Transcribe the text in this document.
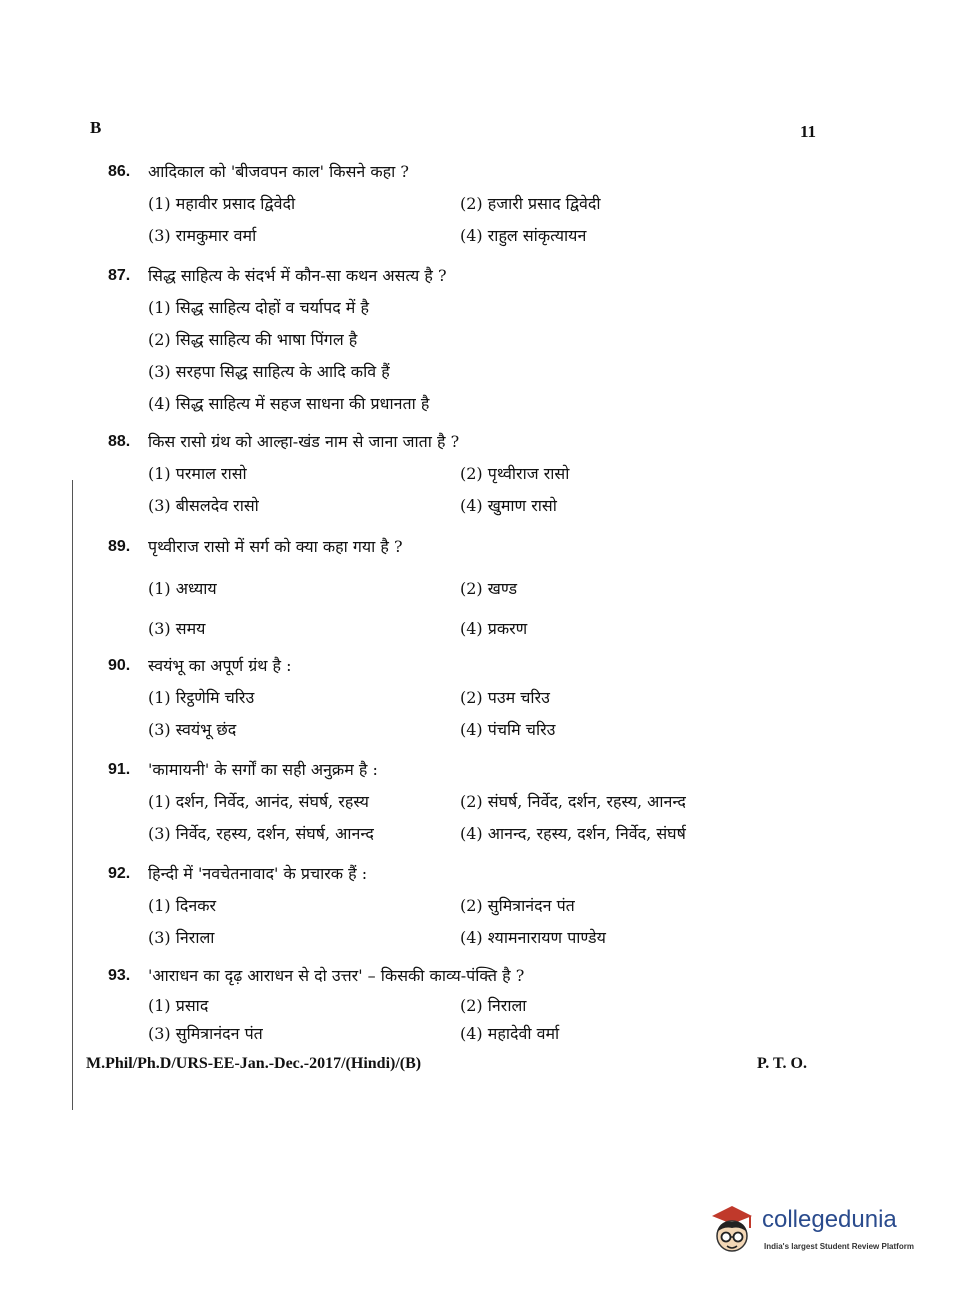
B	11
86.	आदिकाल को 'बीजवपन काल' किसने कहा ?
(1) महावीर प्रसाद द्विवेदी	(2) हजारी प्रसाद द्विवेदी
(3) रामकुमार वर्मा	(4) राहुल सांकृत्यायन
87.	सिद्ध साहित्य के संदर्भ में कौन-सा कथन असत्य है ?
(1) सिद्ध साहित्य दोहों व चर्यापद में है
(2) सिद्ध साहित्य की भाषा पिंगल है
(3) सरहपा सिद्ध साहित्य के आदि कवि हैं
(4) सिद्ध साहित्य में सहज साधना की प्रधानता है
88.	किस रासो ग्रंथ को आल्हा-खंड नाम से जाना जाता है ?
(1) परमाल रासो	(2) पृथ्वीराज रासो
(3) बीसलदेव रासो	(4) खुमाण रासो
89.	पृथ्वीराज रासो में सर्ग को क्या कहा गया है ?
(1) अध्याय	(2) खण्ड
(3) समय	(4) प्रकरण
90.	स्वयंभू का अपूर्ण ग्रंथ है :
(1) रिट्ठणेमि चरिउ	(2) पउम चरिउ
(3) स्वयंभू छंद	(4) पंचमि चरिउ
91.	'कामायनी' के सर्गों का सही अनुक्रम है :
(1) दर्शन, निर्वेद, आनंद, संघर्ष, रहस्य	(2) संघर्ष, निर्वेद, दर्शन, रहस्य, आनन्द
(3) निर्वेद, रहस्य, दर्शन, संघर्ष, आनन्द	(4) आनन्द, रहस्य, दर्शन, निर्वेद, संघर्ष
92.	हिन्दी में 'नवचेतनावाद' के प्रचारक हैं :
(1) दिनकर	(2) सुमित्रानंदन पंत
(3) निराला	(4) श्यामनारायण पाण्डेय
93.	'आराधन का दृढ़ आराधन से दो उत्तर' – किसकी काव्य-पंक्ति है ?
(1) प्रसाद	(2) निराला
(3) सुमित्रानंदन पंत	(4) महादेवी वर्मा
M.Phil/Ph.D/URS-EE-Jan.-Dec.-2017/(Hindi)/(B)	P. T. O.
collegedunia
India's largest Student Review Platform
